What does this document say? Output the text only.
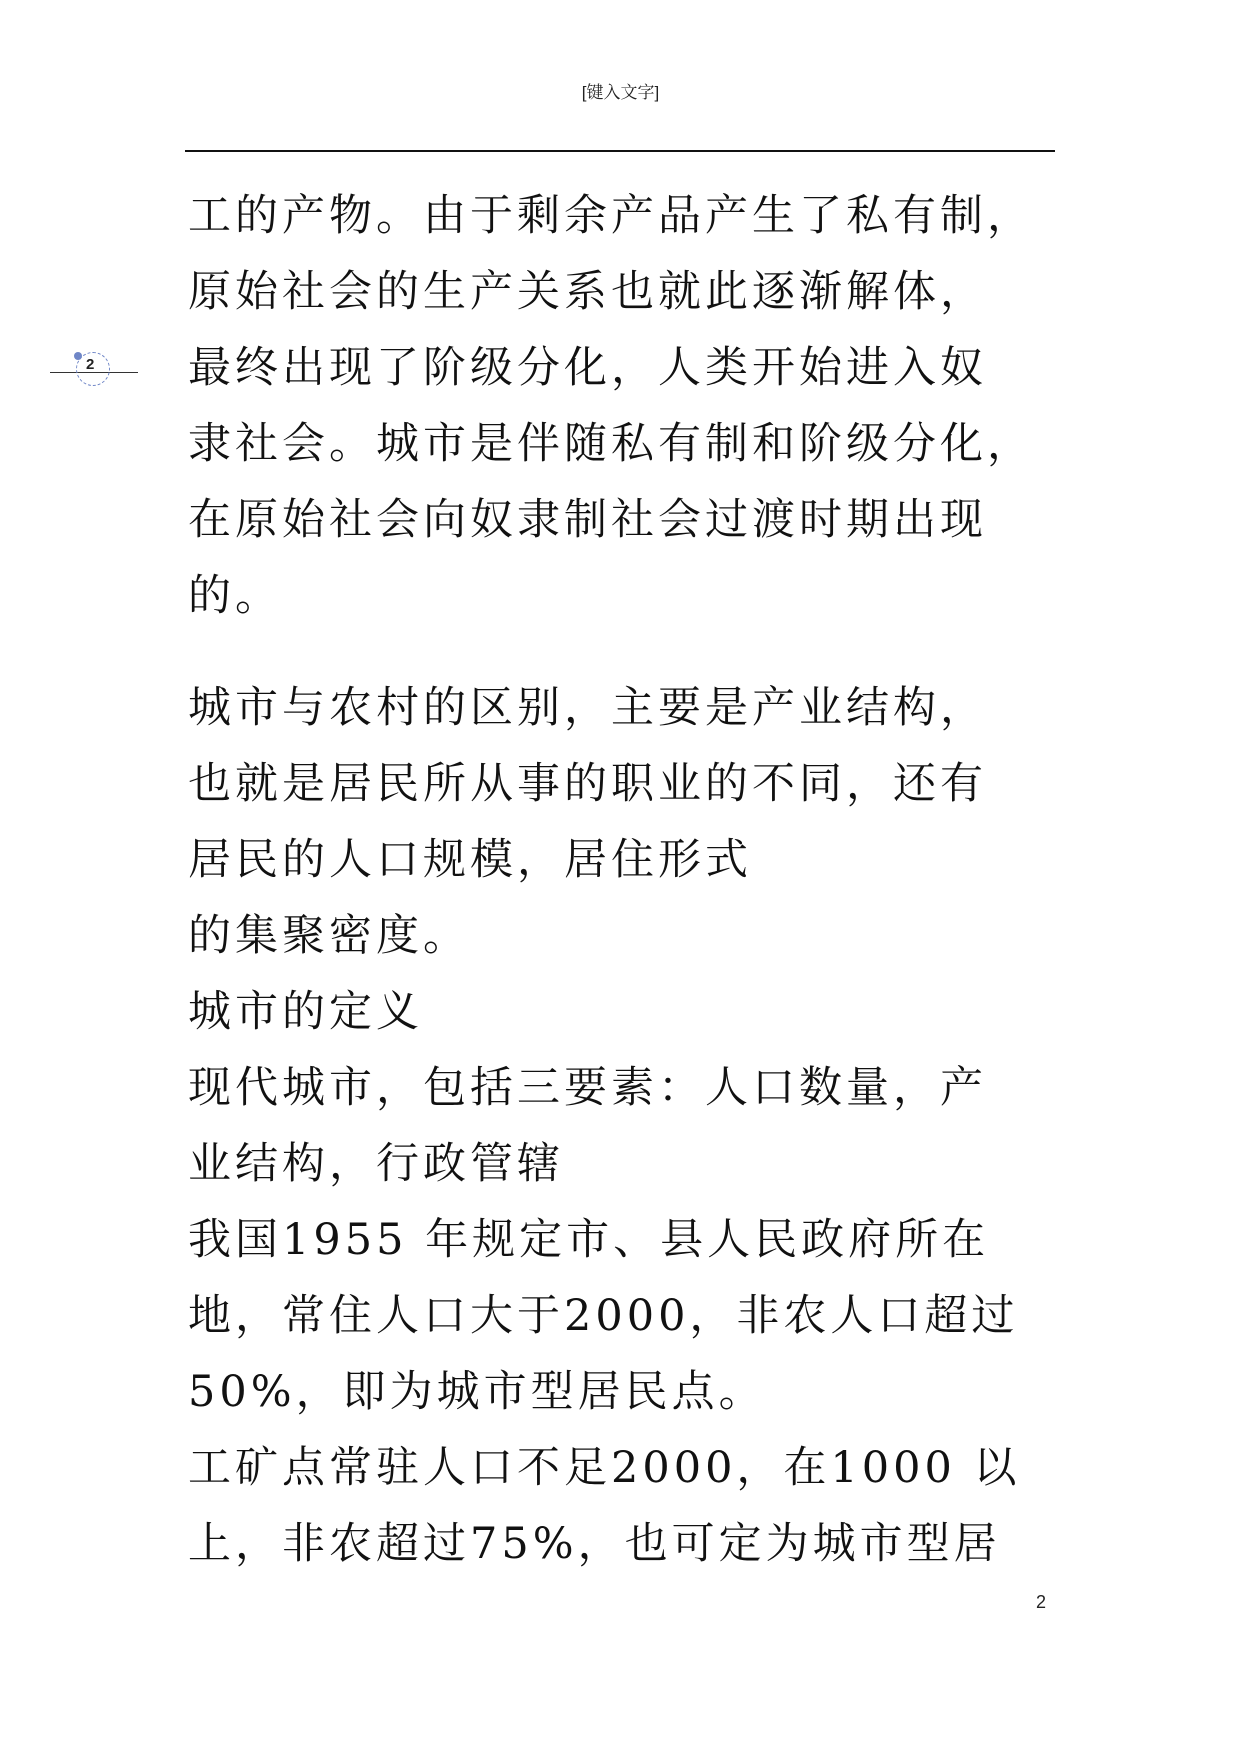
[键入文字]
2
工的产物。由于剩余产品产生了私有制，
原始社会的生产关系也就此逐渐解体，
最终出现了阶级分化，人类开始进入奴
隶社会。城市是伴随私有制和阶级分化，
在原始社会向奴隶制社会过渡时期出现
的。
城市与农村的区别，主要是产业结构，
也就是居民所从事的职业的不同，还有
居民的人口规模，居住形式
的集聚密度。
城市的定义
现代城市，包括三要素：人口数量，产
业结构，行政管辖
我国1955 年规定市、县人民政府所在
地，常住人口大于2000，非农人口超过
50%，即为城市型居民点。
工矿点常驻人口不足2000，在1000 以
上，非农超过75%，也可定为城市型居
2
